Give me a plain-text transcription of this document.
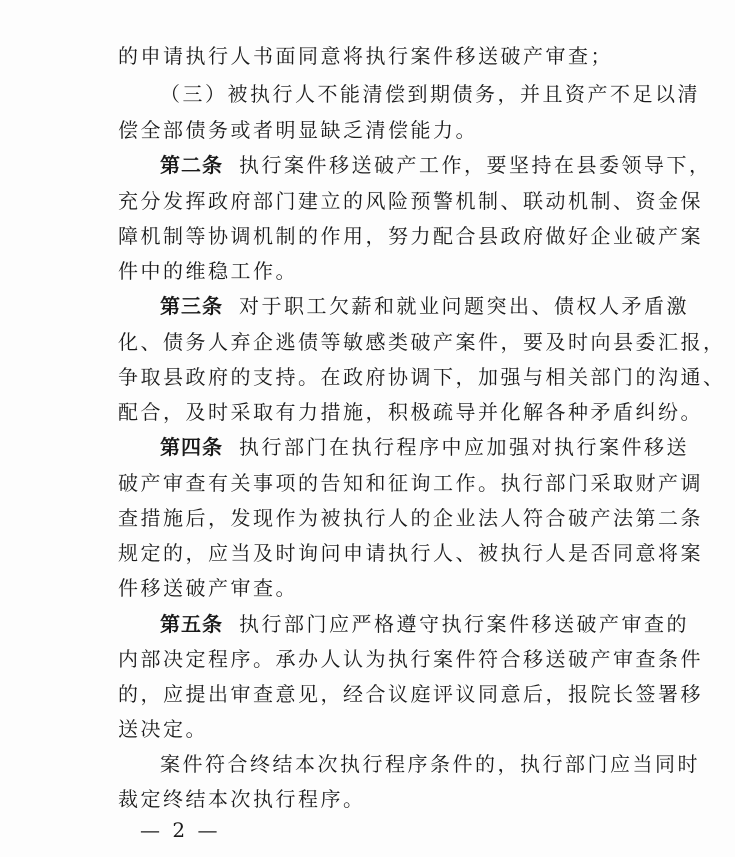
的申请执行人书面同意将执行案件移送破产审查；
（三）被执行人不能清偿到期债务，并且资产不足以清
偿全部债务或者明显缺乏清偿能力。
第二条 执行案件移送破产工作，要坚持在县委领导下，
充分发挥政府部门建立的风险预警机制、联动机制、资金保
障机制等协调机制的作用，努力配合县政府做好企业破产案
件中的维稳工作。
第三条 对于职工欠薪和就业问题突出、债权人矛盾激
化、债务人弃企逃债等敏感类破产案件，要及时向县委汇报，
争取县政府的支持。在政府协调下，加强与相关部门的沟通、
配合，及时采取有力措施，积极疏导并化解各种矛盾纠纷。
第四条 执行部门在执行程序中应加强对执行案件移送
破产审查有关事项的告知和征询工作。执行部门采取财产调
查措施后，发现作为被执行人的企业法人符合破产法第二条
规定的，应当及时询问申请执行人、被执行人是否同意将案
件移送破产审查。
第五条 执行部门应严格遵守执行案件移送破产审查的
内部决定程序。承办人认为执行案件符合移送破产审查条件
的，应提出审查意见，经合议庭评议同意后，报院长签署移
送决定。
案件符合终结本次执行程序条件的，执行部门应当同时
裁定终结本次执行程序。
— 2 —
